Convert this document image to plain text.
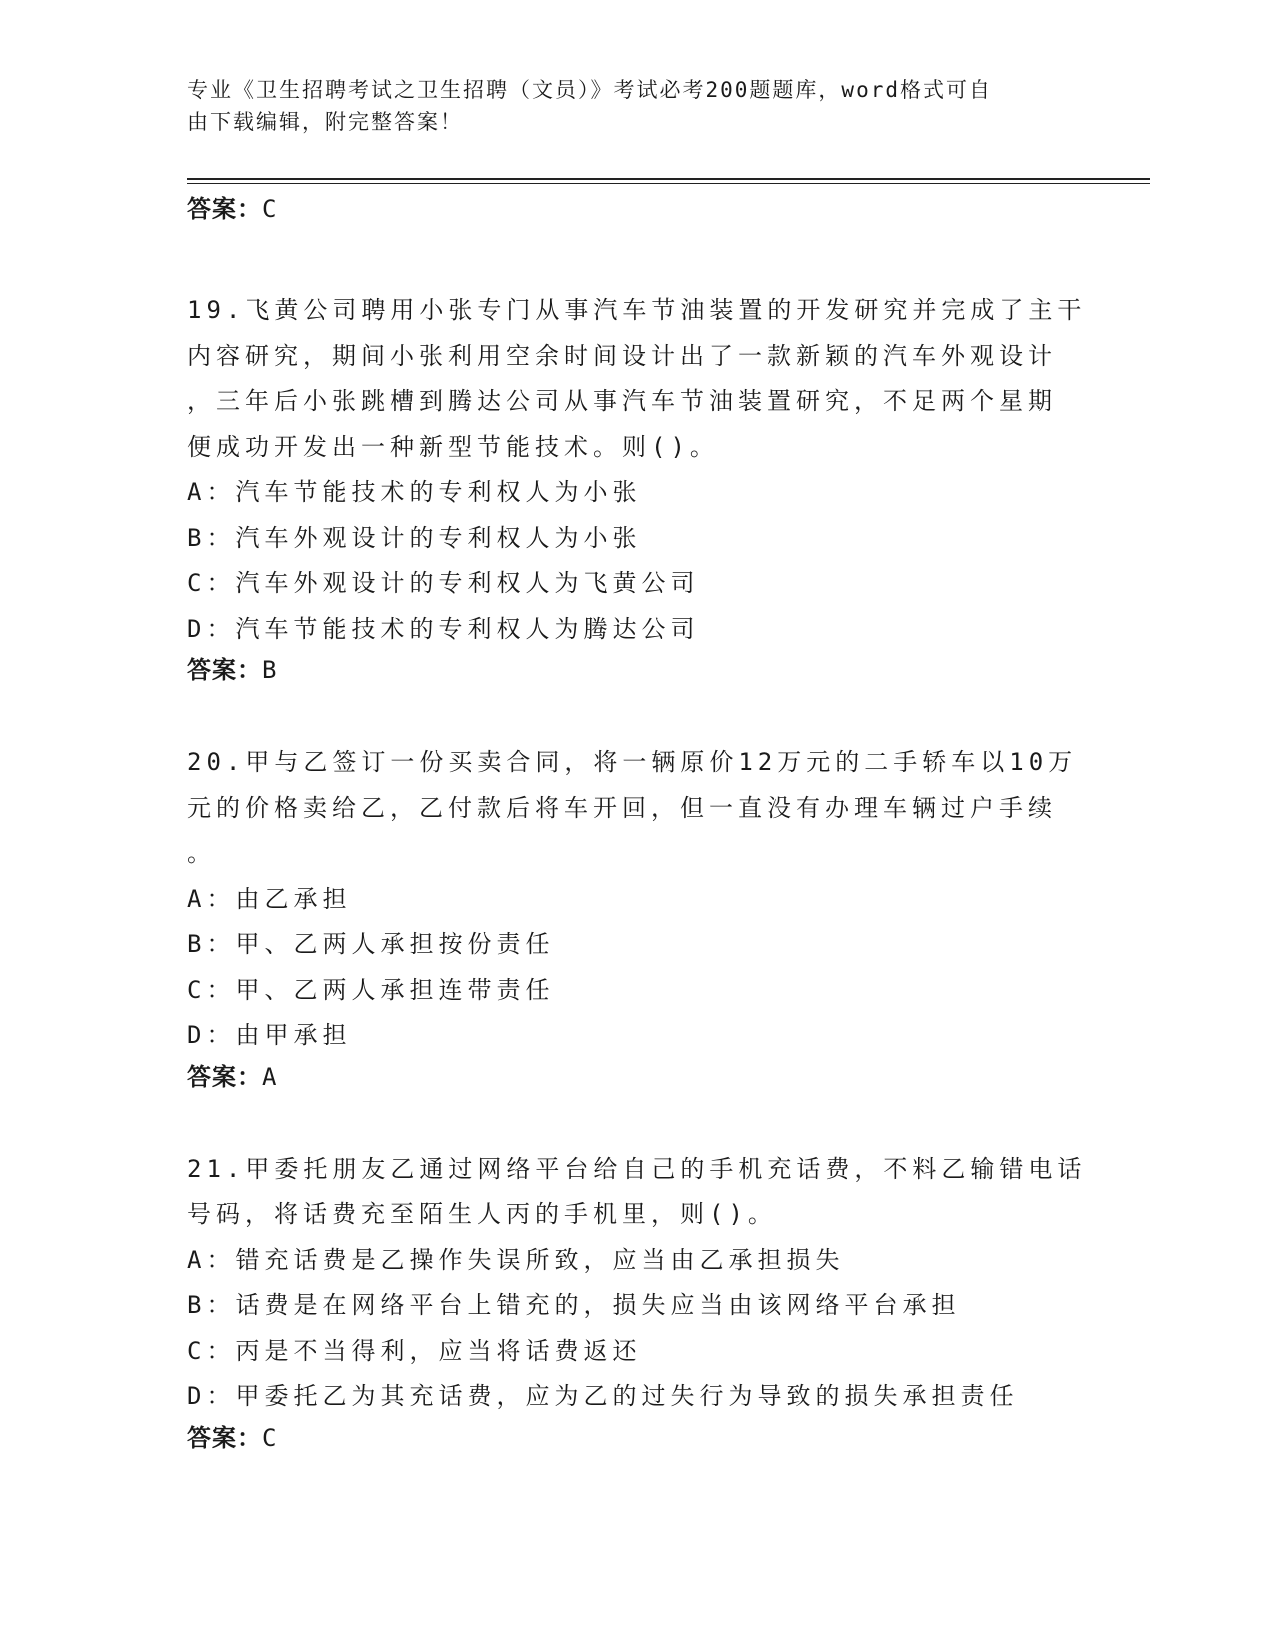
专业《卫生招聘考试之卫生招聘（文员）》考试必考200题题库，word格式可自
由下载编辑，附完整答案！
答案：C
19.飞黄公司聘用小张专门从事汽车节油装置的开发研究并完成了主干
内容研究，期间小张利用空余时间设计出了一款新颖的汽车外观设计
，三年后小张跳槽到腾达公司从事汽车节油装置研究，不足两个星期
便成功开发出一种新型节能技术。则()。
A：汽车节能技术的专利权人为小张
B：汽车外观设计的专利权人为小张
C：汽车外观设计的专利权人为飞黄公司
D：汽车节能技术的专利权人为腾达公司
答案：B
20.甲与乙签订一份买卖合同，将一辆原价12万元的二手轿车以10万
元的价格卖给乙，乙付款后将车开回，但一直没有办理车辆过户手续
。
A：由乙承担
B：甲、乙两人承担按份责任
C：甲、乙两人承担连带责任
D：由甲承担
答案：A
21.甲委托朋友乙通过网络平台给自己的手机充话费，不料乙输错电话
号码，将话费充至陌生人丙的手机里，则()。
A：错充话费是乙操作失误所致，应当由乙承担损失
B：话费是在网络平台上错充的，损失应当由该网络平台承担
C：丙是不当得利，应当将话费返还
D：甲委托乙为其充话费，应为乙的过失行为导致的损失承担责任
答案：C
